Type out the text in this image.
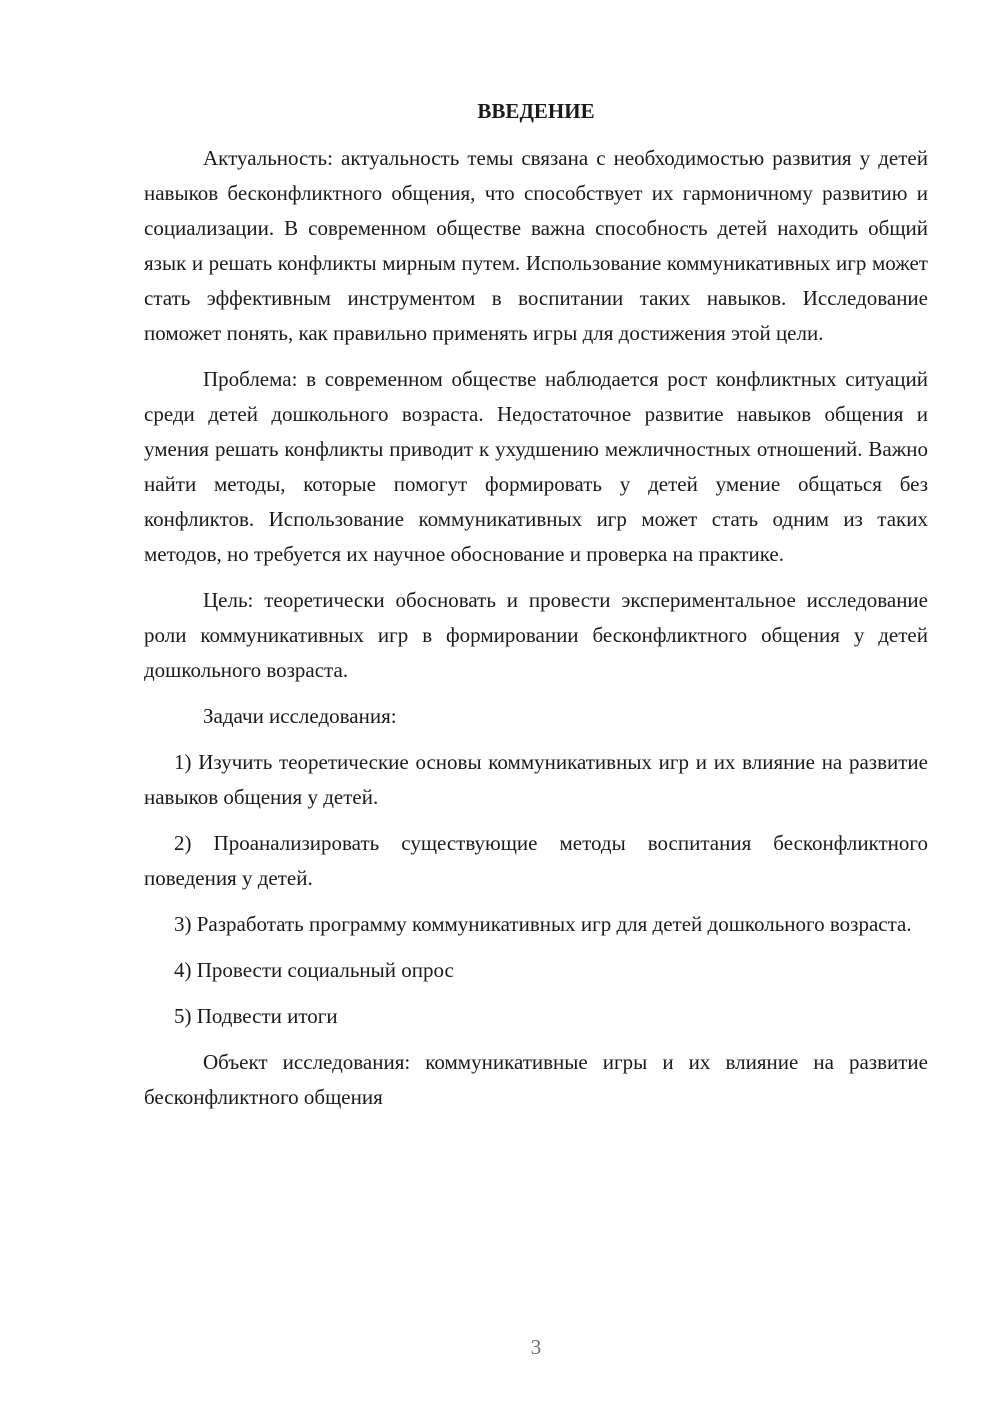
ВВЕДЕНИЕ

Актуальность: актуальность темы связана с необходимостью развития у детей навыков бесконфликтного общения, что способствует их гармоничному развитию и социализации. В современном обществе важна способность детей находить общий язык и решать конфликты мирным путем. Использование коммуникативных игр может стать эффективным инструментом в воспитании таких навыков. Исследование поможет понять, как правильно применять игры для достижения этой цели.

Проблема: в современном обществе наблюдается рост конфликтных ситуаций среди детей дошкольного возраста. Недостаточное развитие навыков общения и умения решать конфликты приводит к ухудшению межличностных отношений. Важно найти методы, которые помогут формировать у детей умение общаться без конфликтов. Использование коммуникативных игр может стать одним из таких методов, но требуется их научное обоснование и проверка на практике.

Цель: теоретически обосновать и провести экспериментальное исследование роли коммуникативных игр в формировании бесконфликтного общения у детей дошкольного возраста.

Задачи исследования:

1) Изучить теоретические основы коммуникативных игр и их влияние на развитие навыков общения у детей.

2) Проанализировать существующие методы воспитания бесконфликтного поведения у детей.

3) Разработать программу коммуникативных игр для детей дошкольного возраста.

4) Провести социальный опрос

5) Подвести итоги

Объект исследования: коммуникативные игры и их влияние на развитие бесконфликтного общения

3
